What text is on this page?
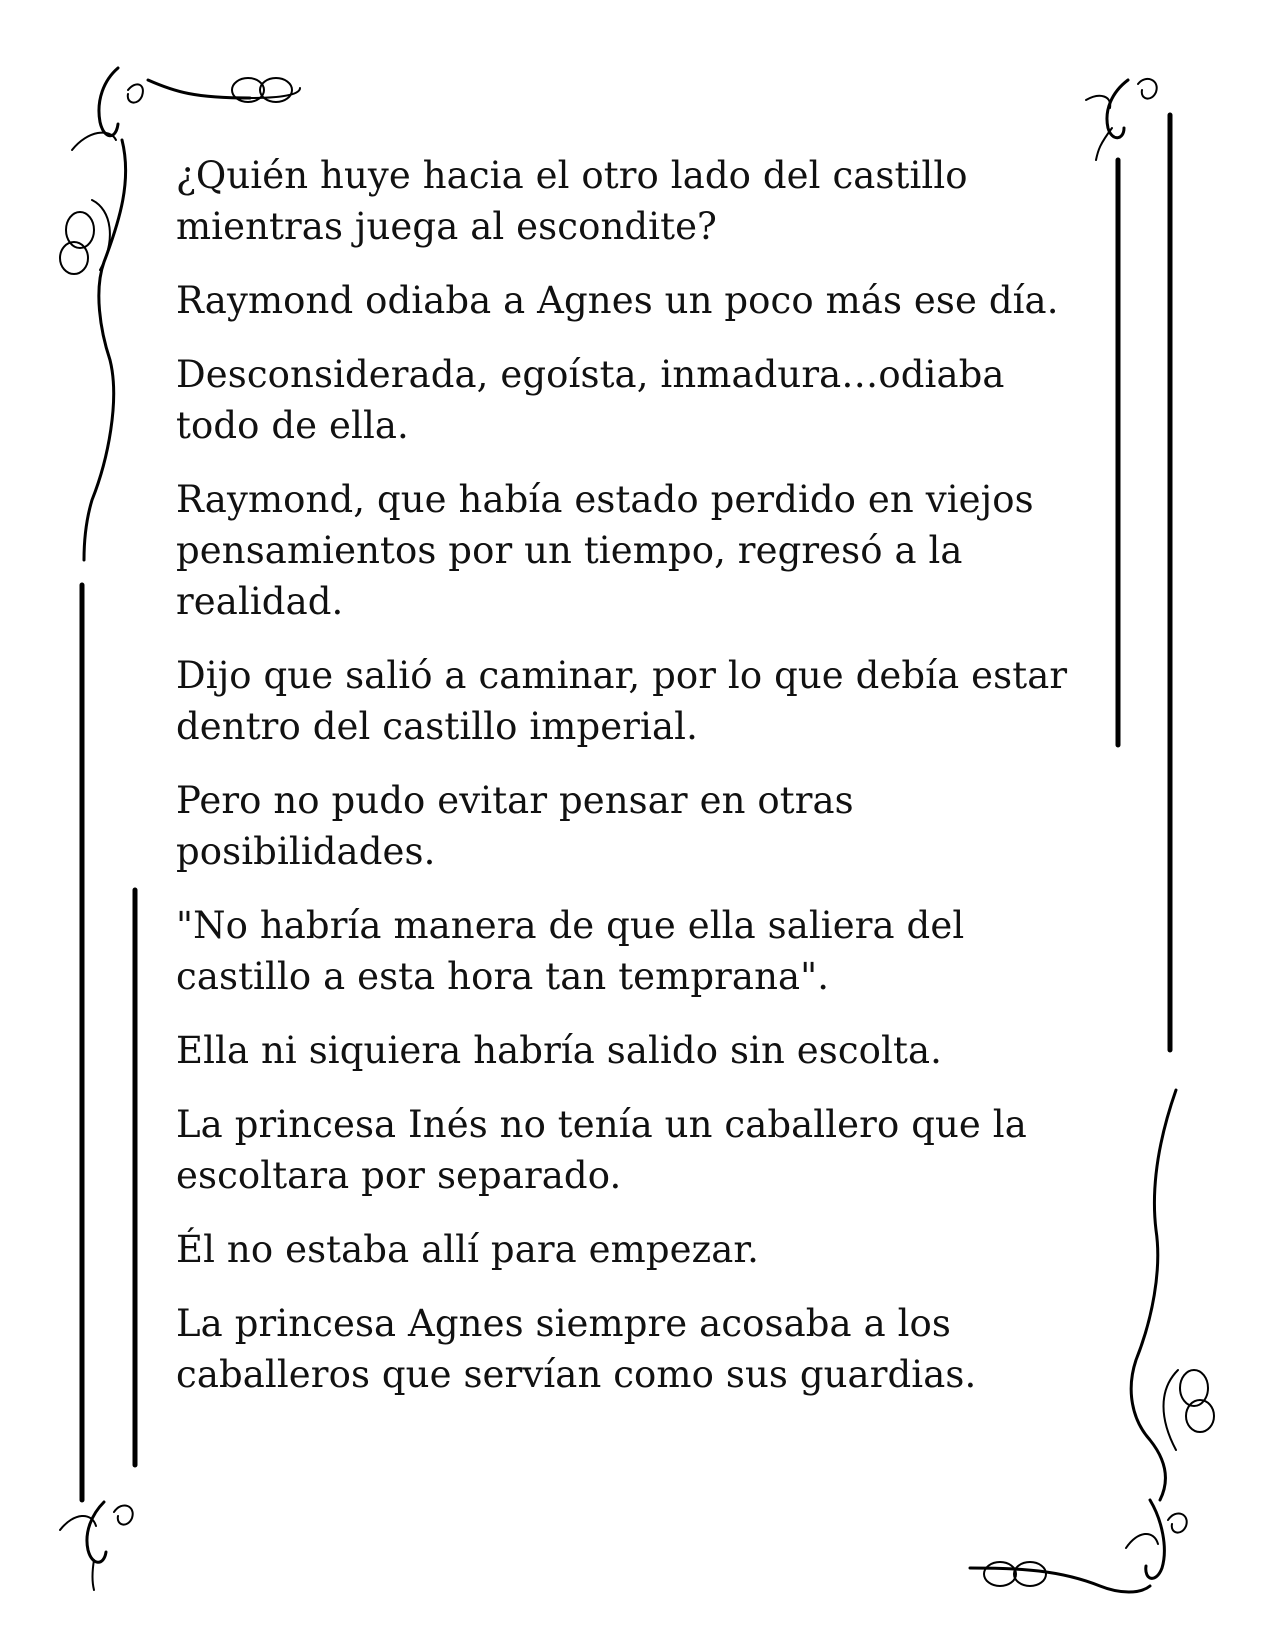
¿Quién huye hacia el otro lado del castillo mientras juega al escondite?

Raymond odiaba a Agnes un poco más ese día.

Desconsiderada, egoísta, inmadura…odiaba todo de ella.

Raymond, que había estado perdido en viejos pensamientos por un tiempo, regresó a la realidad.

Dijo que salió a caminar, por lo que debía estar dentro del castillo imperial.

Pero no pudo evitar pensar en otras posibilidades.

"No habría manera de que ella saliera del castillo a esta hora tan temprana".

Ella ni siquiera habría salido sin escolta.

La princesa Inés no tenía un caballero que la escoltara por separado.

Él no estaba allí para empezar.

La princesa Agnes siempre acosaba a los caballeros que servían como sus guardias.
